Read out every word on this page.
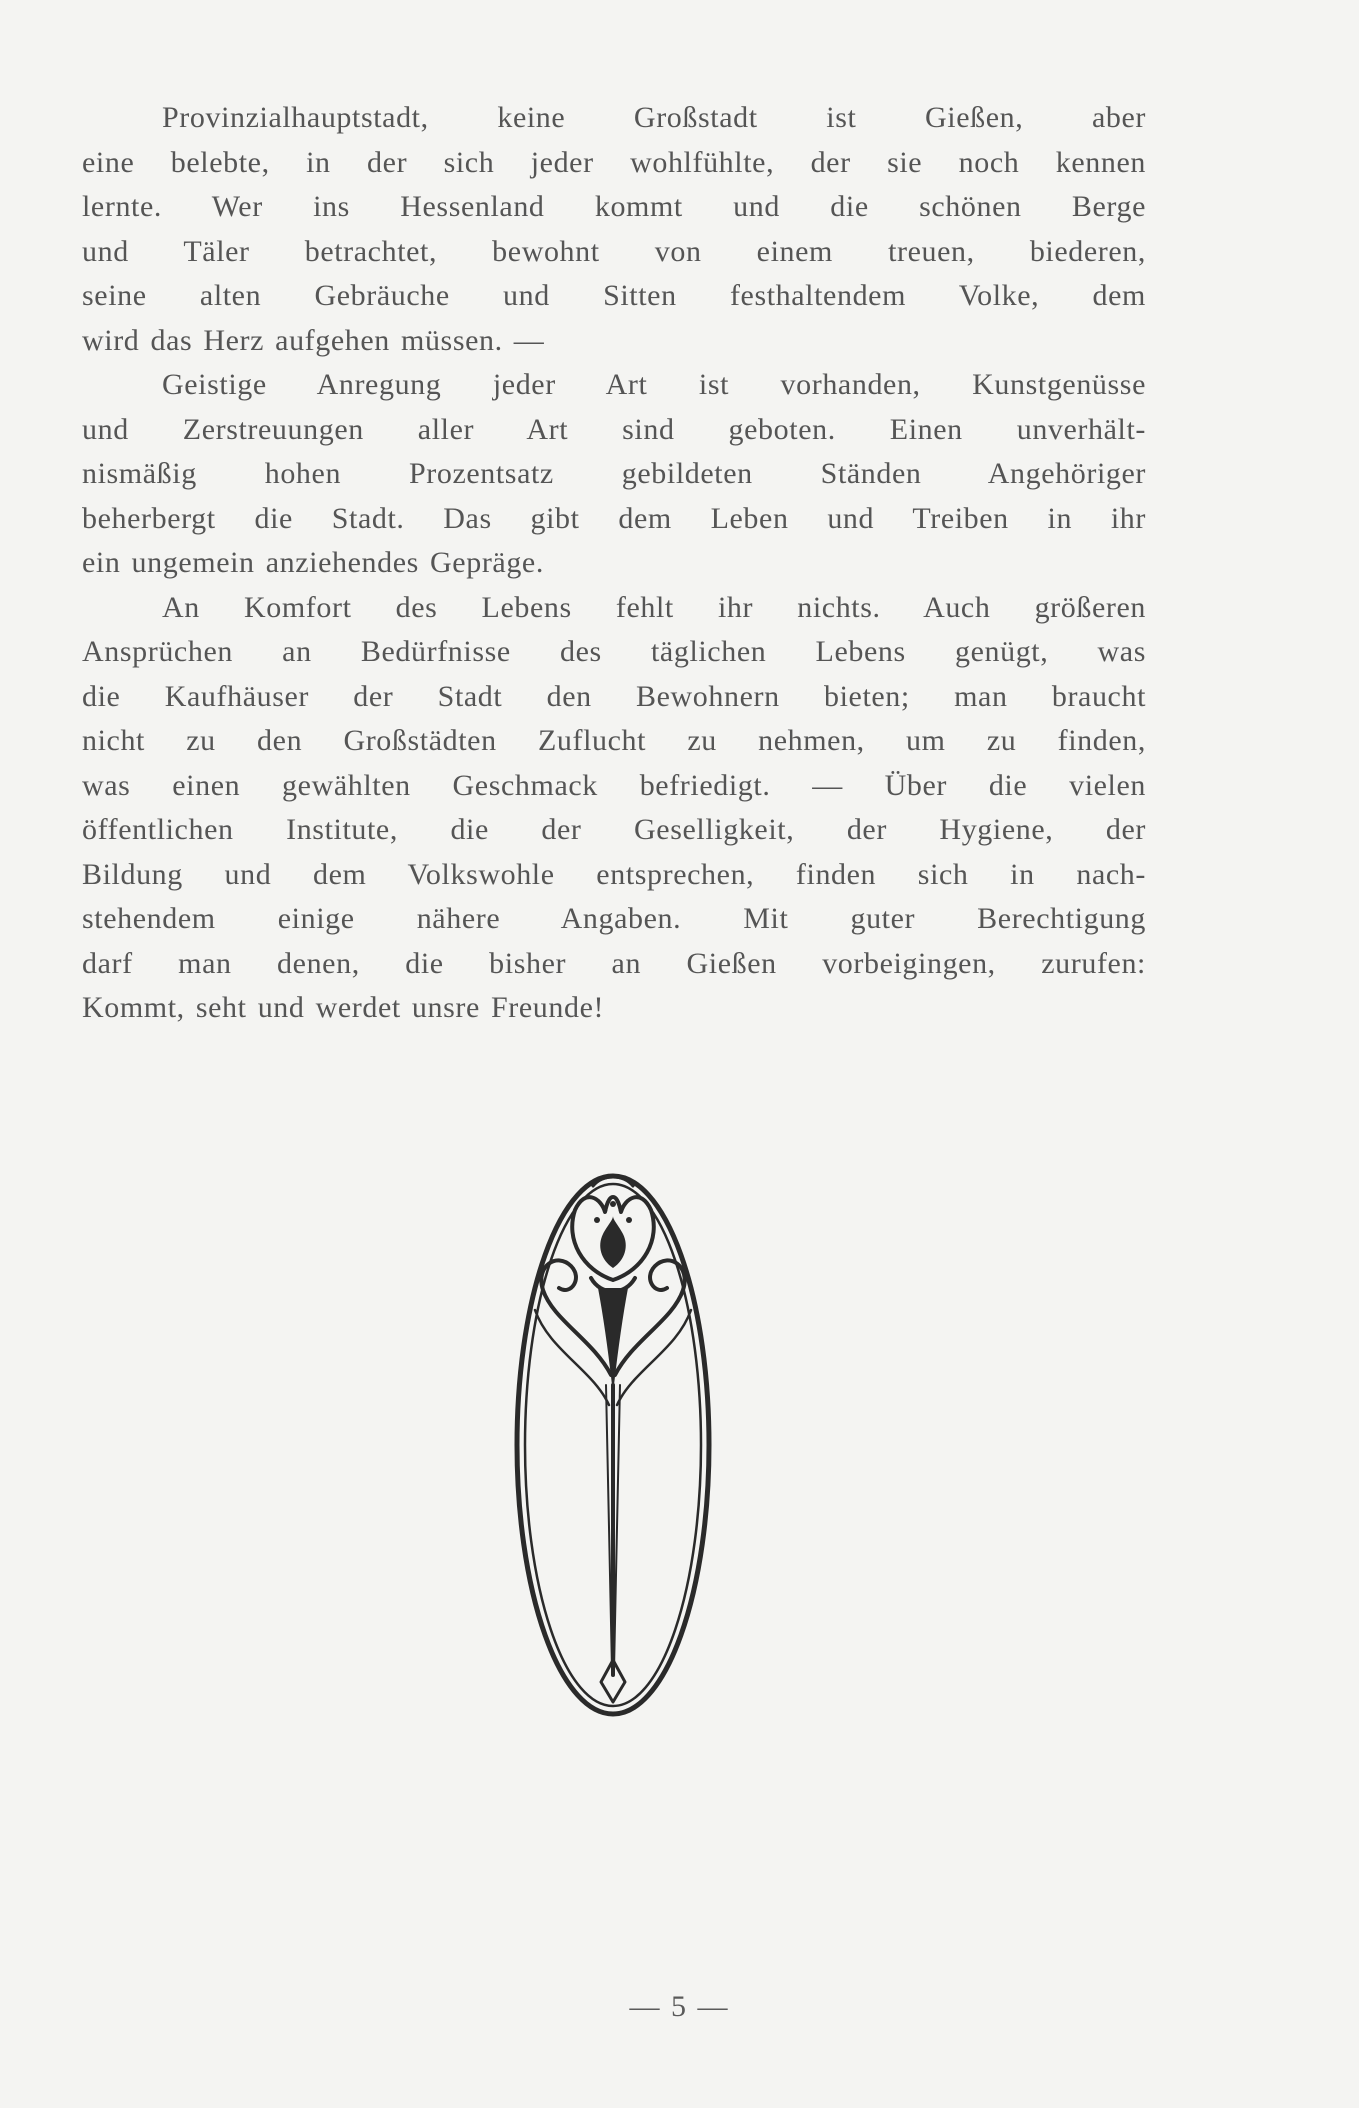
Provinzialhauptstadt, keine Großstadt ist Gießen, aber
eine belebte, in der sich jeder wohlfühlte, der sie noch kennen
lernte. Wer ins Hessenland kommt und die schönen Berge
und Täler betrachtet, bewohnt von einem treuen, biederen,
seine alten Gebräuche und Sitten festhaltendem Volke, dem
wird das Herz aufgehen müssen. —
Geistige Anregung jeder Art ist vorhanden, Kunstgenüsse
und Zerstreuungen aller Art sind geboten. Einen unverhält-
nismäßig hohen Prozentsatz gebildeten Ständen Angehöriger
beherbergt die Stadt. Das gibt dem Leben und Treiben in ihr
ein ungemein anziehendes Gepräge.
An Komfort des Lebens fehlt ihr nichts. Auch größeren
Ansprüchen an Bedürfnisse des täglichen Lebens genügt, was
die Kaufhäuser der Stadt den Bewohnern bieten; man braucht
nicht zu den Großstädten Zuflucht zu nehmen, um zu finden,
was einen gewählten Geschmack befriedigt. — Über die vielen
öffentlichen Institute, die der Geselligkeit, der Hygiene, der
Bildung und dem Volkswohle entsprechen, finden sich in nach-
stehendem einige nähere Angaben. Mit guter Berechtigung
darf man denen, die bisher an Gießen vorbeigingen, zurufen:
Kommt, seht und werdet unsre Freunde!
— 5 —
